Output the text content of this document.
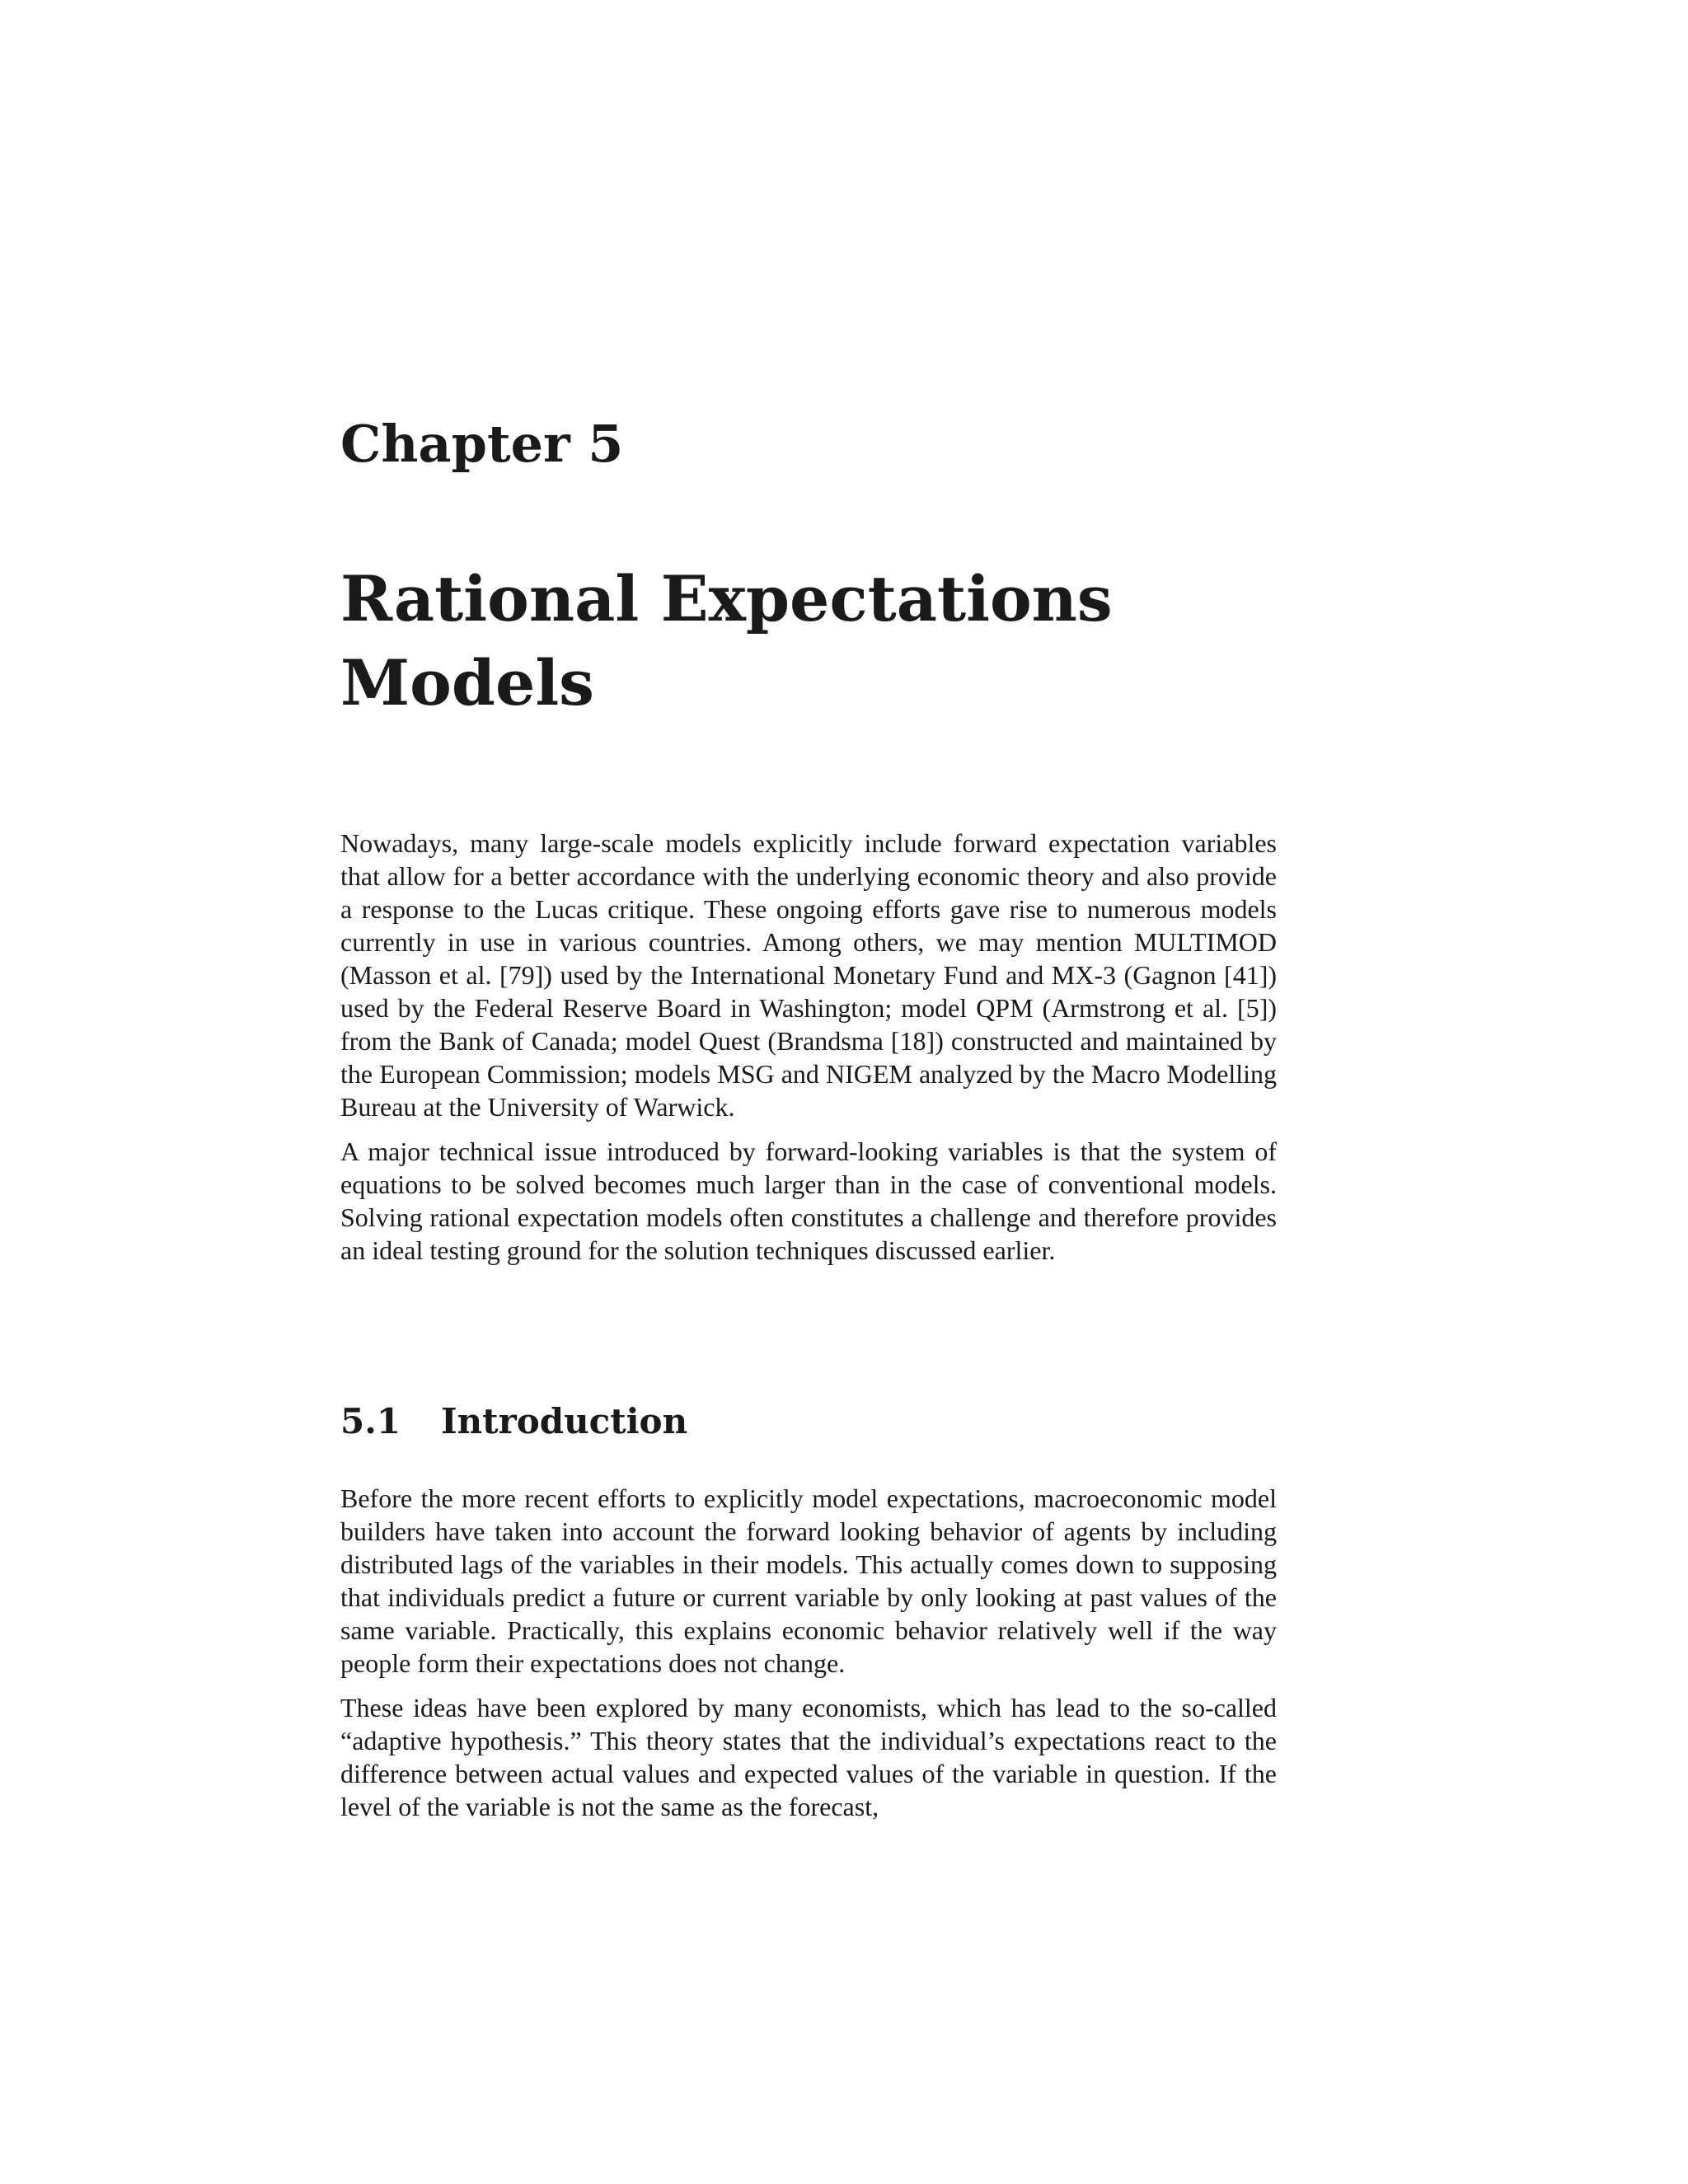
Chapter 5
Rational Expectations Models

Nowadays, many large-scale models explicitly include forward expectation variables that allow for a better accordance with the underlying economic theory and also provide a response to the Lucas critique. These ongoing efforts gave rise to numerous models currently in use in various countries. Among others, we may mention MULTIMOD (Masson et al. [79]) used by the International Monetary Fund and MX-3 (Gagnon [41]) used by the Federal Reserve Board in Washington; model QPM (Armstrong et al. [5]) from the Bank of Canada; model Quest (Brandsma [18]) constructed and maintained by the European Commission; models MSG and NIGEM analyzed by the Macro Modelling Bureau at the University of Warwick.

A major technical issue introduced by forward-looking variables is that the system of equations to be solved becomes much larger than in the case of conventional models. Solving rational expectation models often constitutes a challenge and therefore provides an ideal testing ground for the solution techniques discussed earlier.

5.1 Introduction

Before the more recent efforts to explicitly model expectations, macroeconomic model builders have taken into account the forward looking behavior of agents by including distributed lags of the variables in their models. This actually comes down to supposing that individuals predict a future or current variable by only looking at past values of the same variable. Practically, this explains economic behavior relatively well if the way people form their expectations does not change.

These ideas have been explored by many economists, which has lead to the so-called “adaptive hypothesis.” This theory states that the individual’s expectations react to the difference between actual values and expected values of the variable in question. If the level of the variable is not the same as the forecast,
